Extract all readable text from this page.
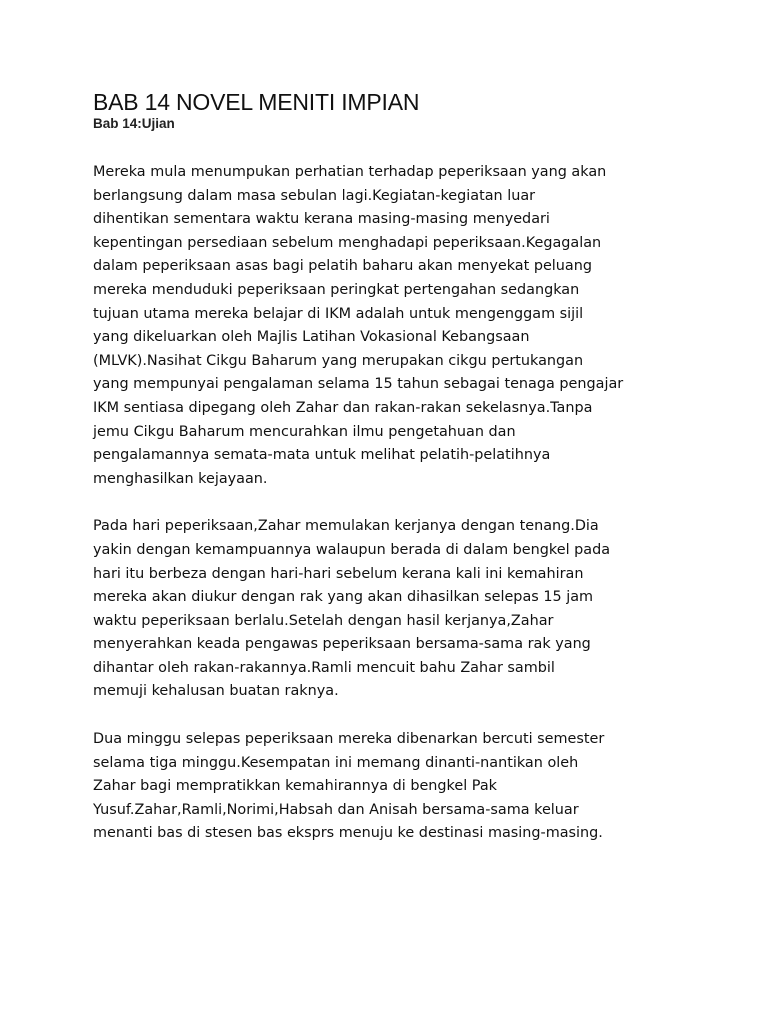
BAB 14 NOVEL MENITI IMPIAN
Bab 14:Ujian

Mereka mula menumpukan perhatian terhadap peperiksaan yang akan
berlangsung dalam masa sebulan lagi.Kegiatan-kegiatan luar
dihentikan sementara waktu kerana masing-masing menyedari
kepentingan persediaan sebelum menghadapi peperiksaan.Kegagalan
dalam peperiksaan asas bagi pelatih baharu akan menyekat peluang
mereka menduduki peperiksaan peringkat pertengahan sedangkan
tujuan utama mereka belajar di IKM adalah untuk mengenggam sijil
yang dikeluarkan oleh Majlis Latihan Vokasional Kebangsaan
(MLVK).Nasihat Cikgu Baharum yang merupakan cikgu pertukangan
yang mempunyai pengalaman selama 15 tahun sebagai tenaga pengajar
IKM sentiasa dipegang oleh Zahar dan rakan-rakan sekelasnya.Tanpa
jemu Cikgu Baharum mencurahkan ilmu pengetahuan dan
pengalamannya semata-mata untuk melihat pelatih-pelatihnya
menghasilkan kejayaan.

Pada hari peperiksaan,Zahar memulakan kerjanya dengan tenang.Dia
yakin dengan kemampuannya walaupun berada di dalam bengkel pada
hari itu berbeza dengan hari-hari sebelum kerana kali ini kemahiran
mereka akan diukur dengan rak yang akan dihasilkan selepas 15 jam
waktu peperiksaan berlalu.Setelah dengan hasil kerjanya,Zahar
menyerahkan keada pengawas peperiksaan bersama-sama rak yang
dihantar oleh rakan-rakannya.Ramli mencuit bahu Zahar sambil
memuji kehalusan buatan raknya.

Dua minggu selepas peperiksaan mereka dibenarkan bercuti semester
selama tiga minggu.Kesempatan ini memang dinanti-nantikan oleh
Zahar bagi mempratikkan kemahirannya di bengkel Pak
Yusuf.Zahar,Ramli,Norimi,Habsah dan Anisah bersama-sama keluar
menanti bas di stesen bas eksprs menuju ke destinasi masing-masing.
